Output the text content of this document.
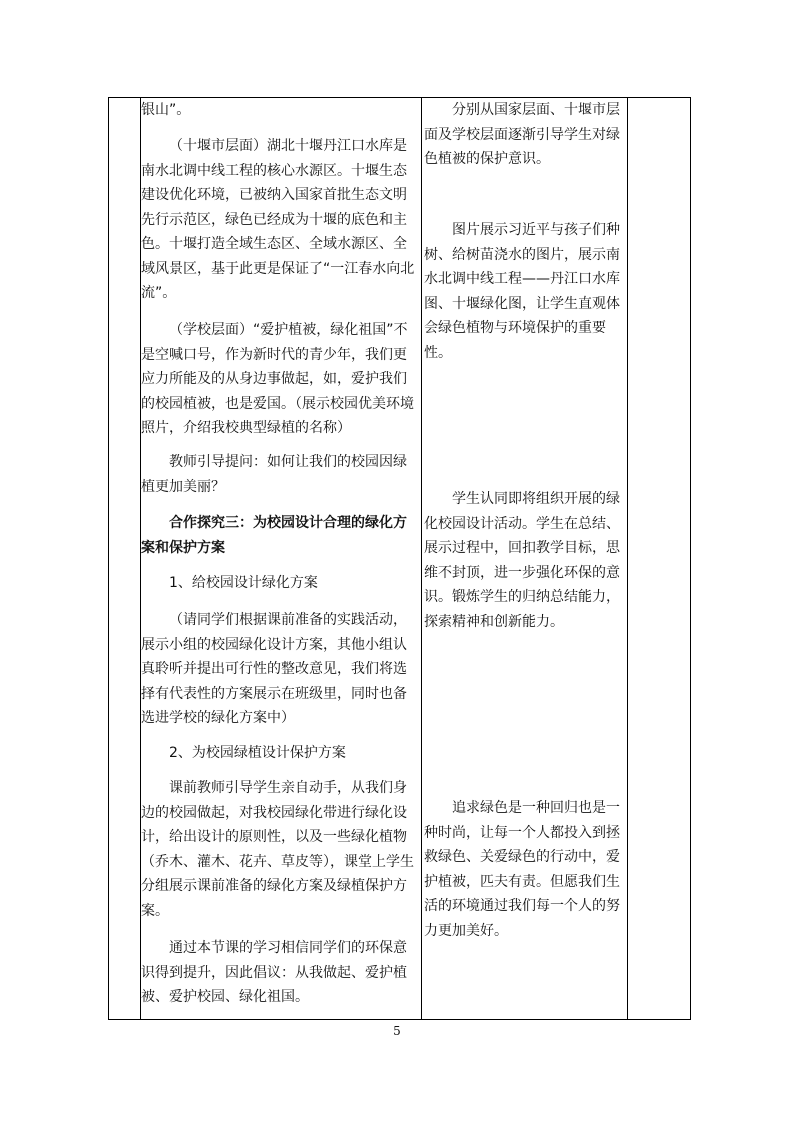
银山”。

（十堰市层面）湖北十堰丹江口水库是南水北调中线工程的核心水源区。十堰生态建设优化环境，已被纳入国家首批生态文明先行示范区，绿色已经成为十堰的底色和主色。十堰打造全域生态区、全域水源区、全域风景区，基于此更是保证了“一江春水向北流”。

（学校层面）“爱护植被，绿化祖国”不是空喊口号，作为新时代的青少年，我们更应力所能及的从身边事做起，如，爱护我们的校园植被，也是爱国。（展示校园优美环境照片，介绍我校典型绿植的名称）

教师引导提问：如何让我们的校园因绿植更加美丽？

合作探究三：为校园设计合理的绿化方案和保护方案

1、给校园设计绿化方案

（请同学们根据课前准备的实践活动，展示小组的校园绿化设计方案，其他小组认真聆听并提出可行性的整改意见，我们将选择有代表性的方案展示在班级里，同时也备选进学校的绿化方案中）

2、为校园绿植设计保护方案

课前教师引导学生亲自动手，从我们身边的校园做起，对我校园绿化带进行绿化设计，给出设计的原则性，以及一些绿化植物（乔木、灌木、花卉、草皮等），课堂上学生分组展示课前准备的绿化方案及绿植保护方案。

通过本节课的学习相信同学们的环保意识得到提升，因此倡议：从我做起、爱护植被、爱护校园、绿化祖国。

分别从国家层面、十堰市层面及学校层面逐渐引导学生对绿色植被的保护意识。

图片展示习近平与孩子们种树、给树苗浇水的图片，展示南水北调中线工程——丹江口水库图、十堰绿化图，让学生直观体会绿色植物与环境保护的重要性。

学生认同即将组织开展的绿化校园设计活动。学生在总结、展示过程中，回扣教学目标，思维不封顶，进一步强化环保的意识。锻炼学生的归纳总结能力，探索精神和创新能力。

追求绿色是一种回归也是一种时尚，让每一个人都投入到拯救绿色、关爱绿色的行动中，爱护植被，匹夫有责。但愿我们生活的环境通过我们每一个人的努力更加美好。

5
